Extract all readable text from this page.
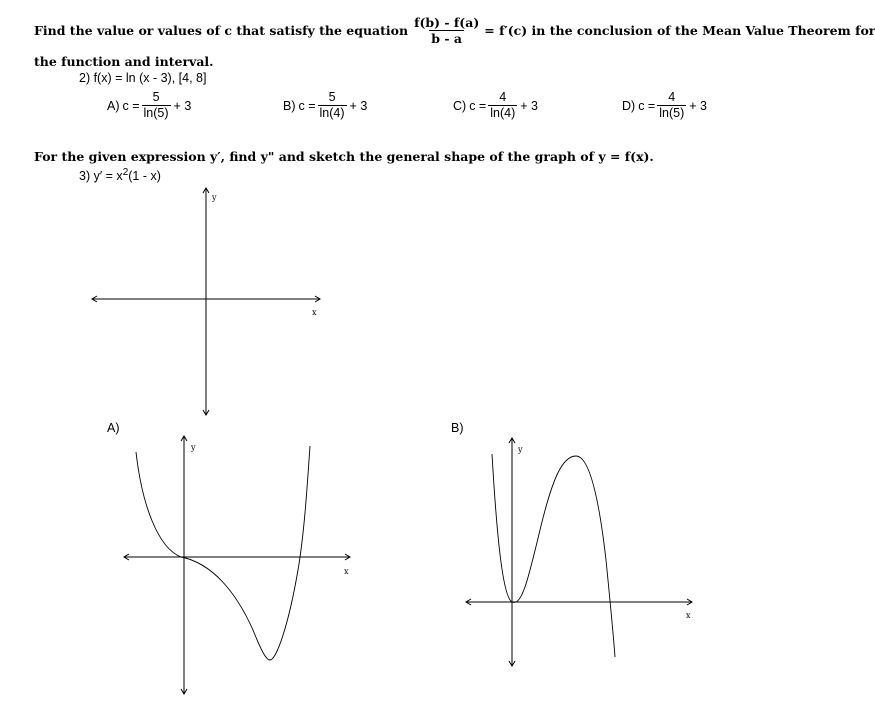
Find the value or values of c that satisfy the equation $\frac{f(b) - f(a)}{b - a} = f'(c)$ in the conclusion of the Mean Value Theorem for
the function and interval.
2) f(x) = ln (x - 3), [4, 8]
A) $c = \frac{5}{\ln(5)} + 3$	B) $c = \frac{5}{\ln(4)} + 3$	C) $c = \frac{4}{\ln(4)} + 3$	D) $c = \frac{4}{\ln(5)} + 3$
For the given expression y′, find y" and sketch the general shape of the graph of y = f(x).
3) $y' = x^2(1 - x)$
x
y
A)
x
y
B)
x
y
